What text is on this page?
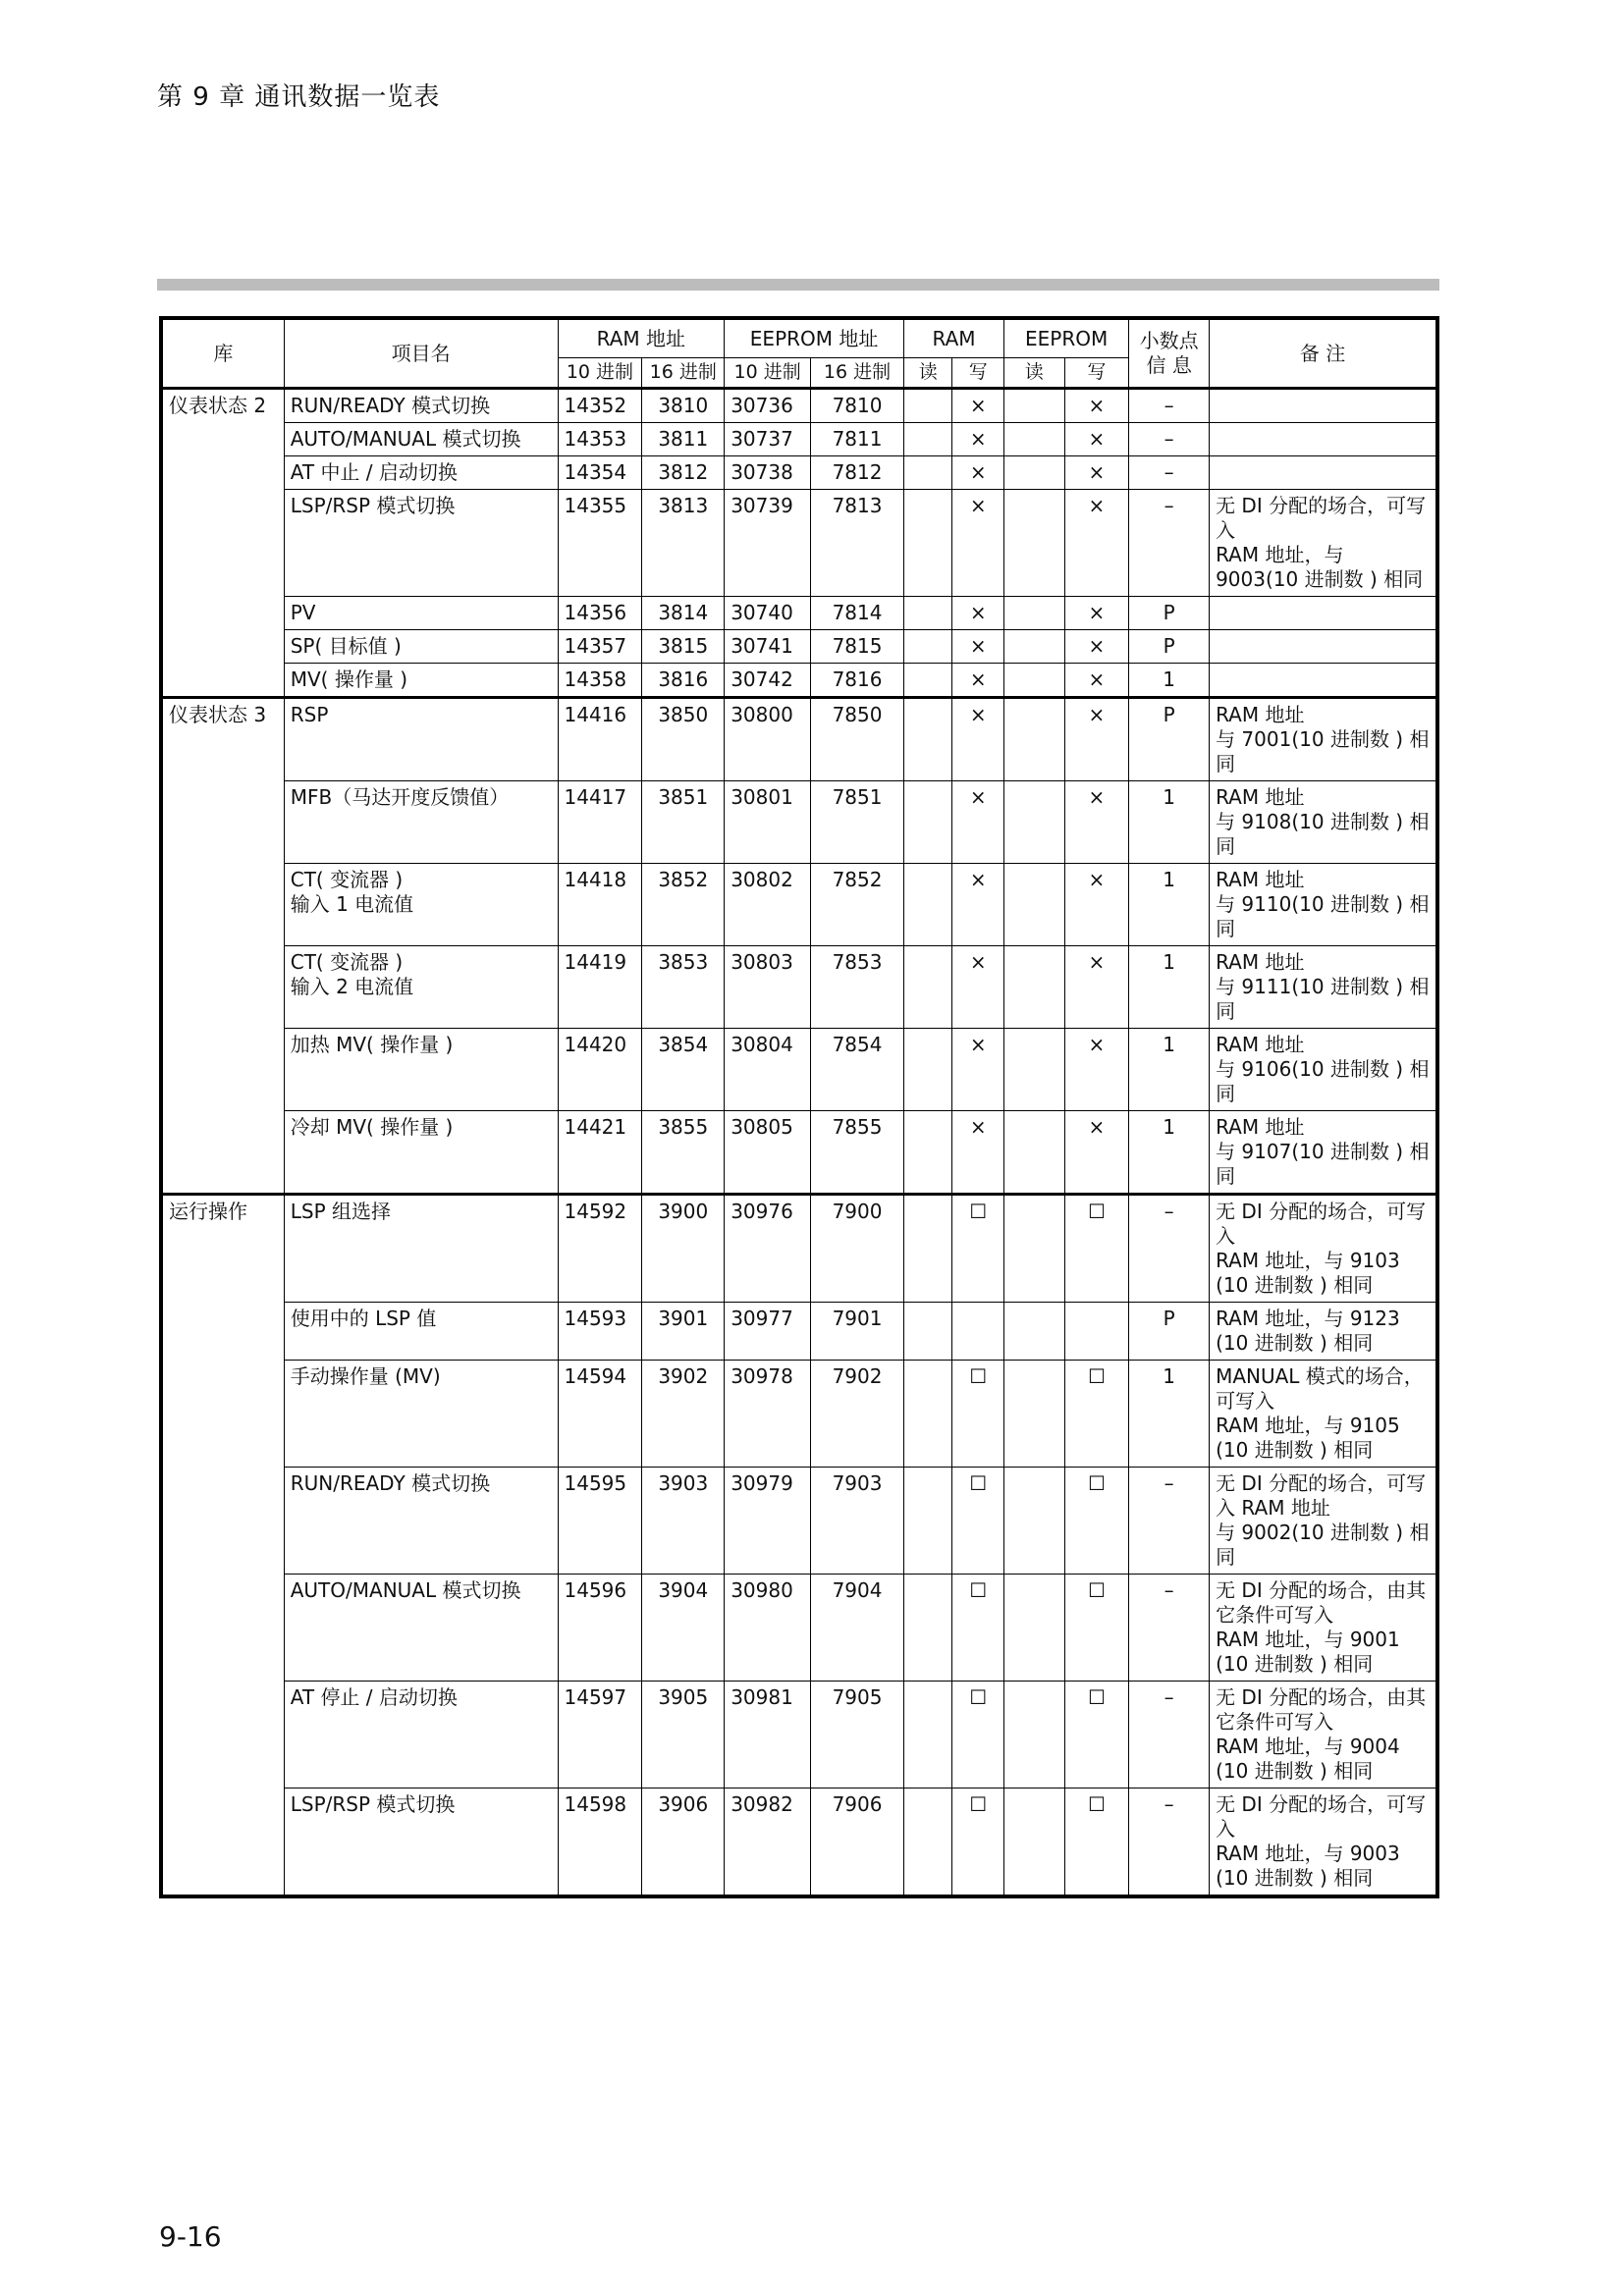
第 9 章 通讯数据一览表
库	项目名	RAM 地址		EEPROM 地址		RAM		EEPROM		小数点信 息	备 注
		10 进制	16 进制	10 进制	16 进制	读	写	读	写		
仪表状态 2	RUN/READY 模式切换	14352	3810	30736	7810		×		×	–	
	AUTO/MANUAL 模式切换	14353	3811	30737	7811		×		×	–	
	AT 中止 / 启动切换	14354	3812	30738	7812		×		×	–	
	LSP/RSP 模式切换	14355	3813	30739	7813		×		×	–	无 DI 分配的场合，可写入
RAM 地址，与 9003(10 进制数 ) 相同
	PV	14356	3814	30740	7814		×		×	P	
	SP( 目标值 )	14357	3815	30741	7815		×		×	P	
	MV( 操作量 )	14358	3816	30742	7816		×		×	1	
仪表状态 3	RSP	14416	3850	30800	7850		×		×	P	RAM 地址
与 7001(10 进制数 ) 相同
	MFB（马达开度反馈值）	14417	3851	30801	7851		×		×	1	RAM 地址
与 9108(10 进制数 ) 相同
	CT( 变流器 )
输入 1 电流值	14418	3852	30802	7852		×		×	1	RAM 地址
与 9110(10 进制数 ) 相同
	CT( 变流器 )
输入 2 电流值	14419	3853	30803	7853		×		×	1	RAM 地址
与 9111(10 进制数 ) 相同
	加热 MV( 操作量 )	14420	3854	30804	7854		×		×	1	RAM 地址
与 9106(10 进制数 ) 相同
	冷却 MV( 操作量 )	14421	3855	30805	7855		×		×	1	RAM 地址
与 9107(10 进制数 ) 相同
运行操作	LSP 组选择	14592	3900	30976	7900		☐		☐	–	无 DI 分配的场合，可写入
RAM 地址，与 9103
(10 进制数 ) 相同
	使用中的 LSP 值	14593	3901	30977	7901					P	RAM 地址，与 9123
(10 进制数 ) 相同
	手动操作量 (MV)	14594	3902	30978	7902		☐		☐	1	MANUAL 模式的场合，可写入
RAM 地址，与 9105
(10 进制数 ) 相同
	RUN/READY 模式切换	14595	3903	30979	7903		☐		☐	–	无 DI 分配的场合，可写入 RAM 地址
与 9002(10 进制数 ) 相同
	AUTO/MANUAL 模式切换	14596	3904	30980	7904		☐		☐	–	无 DI 分配的场合，由其它条件可写入
RAM 地址，与 9001
(10 进制数 ) 相同
	AT 停止 / 启动切换	14597	3905	30981	7905		☐		☐	–	无 DI 分配的场合，由其它条件可写入
RAM 地址，与 9004
(10 进制数 ) 相同
	LSP/RSP 模式切换	14598	3906	30982	7906		☐		☐	–	无 DI 分配的场合，可写入
RAM 地址，与 9003
(10 进制数 ) 相同
9-16
